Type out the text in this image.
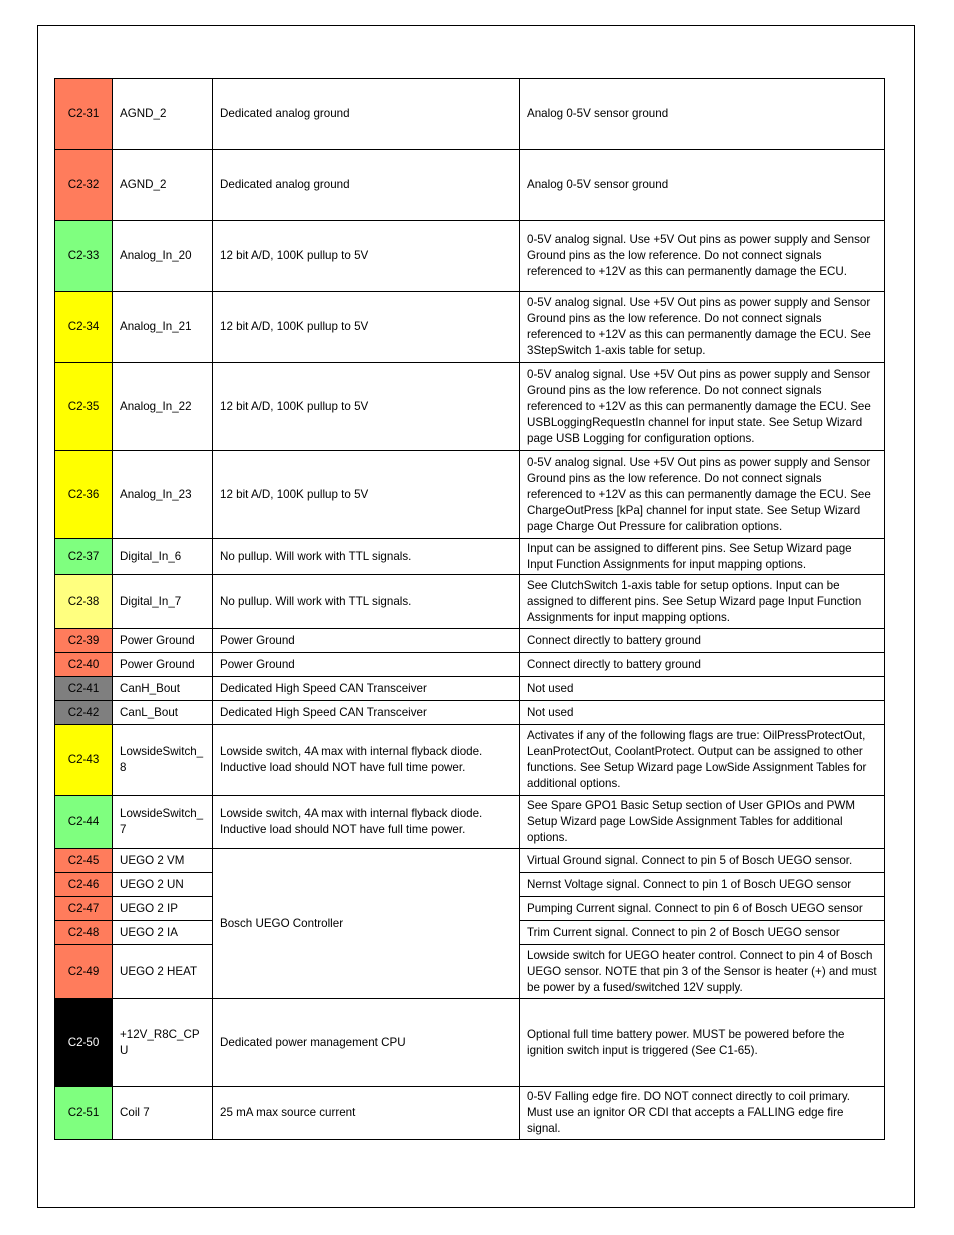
C2-31	AGND_2	Dedicated analog ground	Analog 0-5V sensor ground
C2-32	AGND_2	Dedicated analog ground	Analog 0-5V sensor ground
C2-33	Analog_In_20	12 bit A/D, 100K pullup to 5V	0-5V analog signal. Use +5V Out pins as power supply and Sensor Ground pins as the low reference. Do not connect signals referenced to +12V as this can permanently damage the ECU.
C2-34	Analog_In_21	12 bit A/D, 100K pullup to 5V	0-5V analog signal. Use +5V Out pins as power supply and Sensor Ground pins as the low reference. Do not connect signals referenced to +12V as this can permanently damage the ECU. See 3StepSwitch 1-axis table for setup.
C2-35	Analog_In_22	12 bit A/D, 100K pullup to 5V	0-5V analog signal. Use +5V Out pins as power supply and Sensor Ground pins as the low reference. Do not connect signals referenced to +12V as this can permanently damage the ECU. See USBLoggingRequestIn channel for input state. See Setup Wizard page USB Logging for configuration options.
C2-36	Analog_In_23	12 bit A/D, 100K pullup to 5V	0-5V analog signal. Use +5V Out pins as power supply and Sensor Ground pins as the low reference. Do not connect signals referenced to +12V as this can permanently damage the ECU. See ChargeOutPress [kPa] channel for input state. See Setup Wizard page Charge Out Pressure for calibration options.
C2-37	Digital_In_6	No pullup. Will work with TTL signals.	Input can be assigned to different pins. See Setup Wizard page Input Function Assignments for input mapping options.
C2-38	Digital_In_7	No pullup. Will work with TTL signals.	See ClutchSwitch 1-axis table for setup options. Input can be assigned to different pins. See Setup Wizard page Input Function Assignments for input mapping options.
C2-39	Power Ground	Power Ground	Connect directly to battery ground
C2-40	Power Ground	Power Ground	Connect directly to battery ground
C2-41	CanH_Bout	Dedicated High Speed CAN Transceiver	Not used
C2-42	CanL_Bout	Dedicated High Speed CAN Transceiver	Not used
C2-43	LowsideSwitch_8	Lowside switch, 4A max with internal flyback diode. Inductive load should NOT have full time power.	Activates if any of the following flags are true: OilPressProtectOut, LeanProtectOut, CoolantProtect. Output can be assigned to other functions. See Setup Wizard page LowSide Assignment Tables for additional options.
C2-44	LowsideSwitch_7	Lowside switch, 4A max with internal flyback diode. Inductive load should NOT have full time power.	See Spare GPO1 Basic Setup section of User GPIOs and PWM Setup Wizard page LowSide Assignment Tables for additional options.
C2-45	UEGO 2 VM	Bosch UEGO Controller	Virtual Ground signal. Connect to pin 5 of Bosch UEGO sensor.
C2-46	UEGO 2 UN		Nernst Voltage signal. Connect to pin 1 of Bosch UEGO sensor
C2-47	UEGO 2 IP		Pumping Current signal. Connect to pin 6 of Bosch UEGO sensor
C2-48	UEGO 2 IA		Trim Current signal. Connect to pin 2 of Bosch UEGO sensor
C2-49	UEGO 2 HEAT		Lowside switch for UEGO heater control. Connect to pin 4 of Bosch UEGO sensor. NOTE that pin 3 of the Sensor is heater (+) and must be power by a fused/switched 12V supply.
C2-50	+12V_R8C_CPU	Dedicated power management CPU	Optional full time battery power. MUST be powered before the ignition switch input is triggered (See C1-65).
C2-51	Coil 7	25 mA max source current	0-5V Falling edge fire. DO NOT connect directly to coil primary. Must use an ignitor OR CDI that accepts a FALLING edge fire signal.
